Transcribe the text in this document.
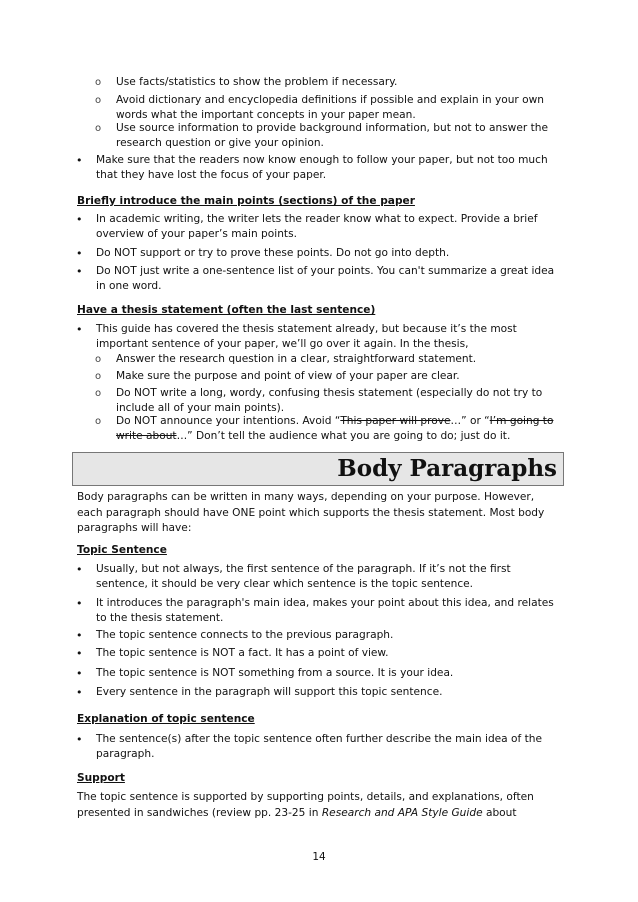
o Use facts/statistics to show the problem if necessary.
o Avoid dictionary and encyclopedia definitions if possible and explain in your own words what the important concepts in your paper mean.
o Use source information to provide background information, but not to answer the research question or give your opinion.
• Make sure that the readers now know enough to follow your paper, but not too much that they have lost the focus of your paper.
Briefly introduce the main points (sections) of the paper
• In academic writing, the writer lets the reader know what to expect. Provide a brief overview of your paper’s main points.
• Do NOT support or try to prove these points. Do not go into depth.
• Do NOT just write a one-sentence list of your points. You can't summarize a great idea in one word.
Have a thesis statement (often the last sentence)
• This guide has covered the thesis statement already, but because it’s the most important sentence of your paper, we’ll go over it again. In the thesis,
o Answer the research question in a clear, straightforward statement.
o Make sure the purpose and point of view of your paper are clear.
o Do NOT write a long, wordy, confusing thesis statement (especially do not try to include all of your main points).
o Do NOT announce your intentions. Avoid “This paper will prove…” or “I’m going to write about…” Don’t tell the audience what you are going to do; just do it.
Body Paragraphs
Body paragraphs can be written in many ways, depending on your purpose. However, each paragraph should have ONE point which supports the thesis statement. Most body paragraphs will have:
Topic Sentence
• Usually, but not always, the first sentence of the paragraph. If it’s not the first sentence, it should be very clear which sentence is the topic sentence.
• It introduces the paragraph's main idea, makes your point about this idea, and relates to the thesis statement.
• The topic sentence connects to the previous paragraph.
• The topic sentence is NOT a fact. It has a point of view.
• The topic sentence is NOT something from a source. It is your idea.
• Every sentence in the paragraph will support this topic sentence.
Explanation of topic sentence
• The sentence(s) after the topic sentence often further describe the main idea of the paragraph.
Support
The topic sentence is supported by supporting points, details, and explanations, often presented in sandwiches (review pp. 23-25 in Research and APA Style Guide about
14
